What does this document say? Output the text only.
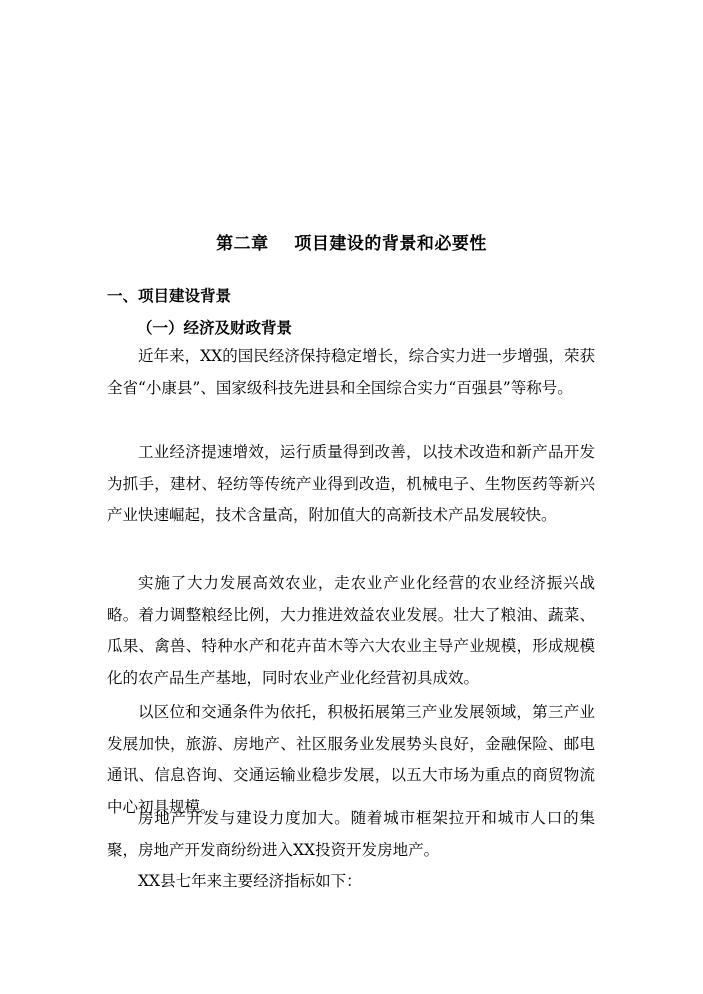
第二章    项目建设的背景和必要性
一、项目建设背景
（一）经济及财政背景

近年来，XX的国民经济保持稳定增长，综合实力进一步增强，荣获全省“小康县”、国家级科技先进县和全国综合实力“百强县”等称号。

工业经济提速增效，运行质量得到改善，以技术改造和新产品开发为抓手，建材、轻纺等传统产业得到改造，机械电子、生物医药等新兴产业快速崛起，技术含量高，附加值大的高新技术产品发展较快。

实施了大力发展高效农业，走农业产业化经营的农业经济振兴战略。着力调整粮经比例，大力推进效益农业发展。壮大了粮油、蔬菜、瓜果、禽兽、特种水产和花卉苗木等六大农业主导产业规模，形成规模化的农产品生产基地，同时农业产业化经营初具成效。

以区位和交通条件为依托，积极拓展第三产业发展领域，第三产业发展加快，旅游、房地产、社区服务业发展势头良好，金融保险、邮电通讯、信息咨询、交通运输业稳步发展，以五大市场为重点的商贸物流中心初具规模。

房地产开发与建设力度加大。随着城市框架拉开和城市人口的集聚，房地产开发商纷纷进入XX投资开发房地产。

XX县七年来主要经济指标如下：
